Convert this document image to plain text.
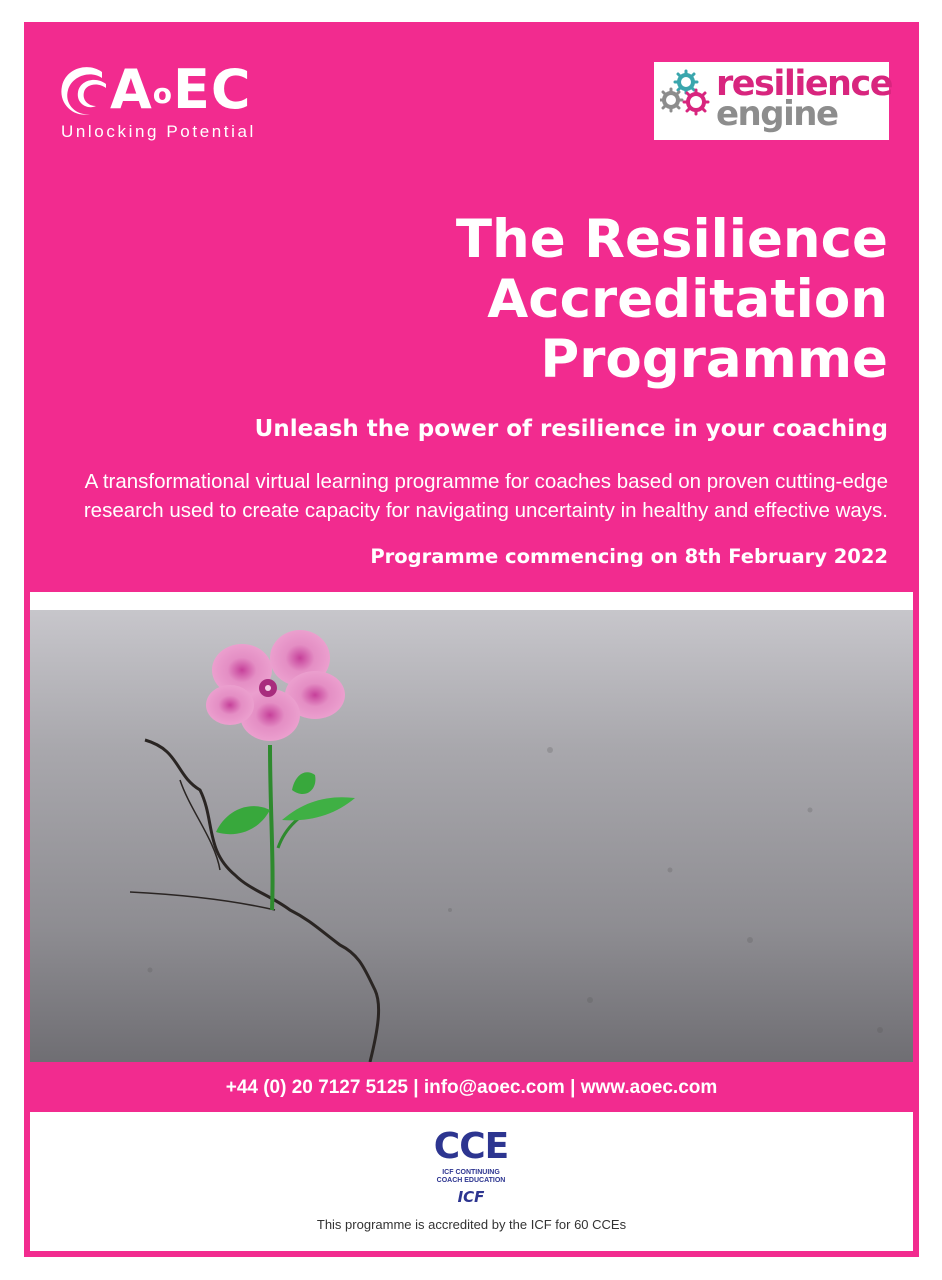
$A^oEC$
Unlocking Potential
resilience
engine
The Resilience
Accreditation
Programme
Unleash the power of resilience in your coaching

A transformational virtual learning programme for coaches based on proven cutting-edge
research used to create capacity for navigating uncertainty in healthy and effective ways.

Programme commencing on 8th February 2022

+44 (0) 20 7127 5125 | info@aoec.com | www.aoec.com
CCE
ICF CONTINUING
COACH EDUCATION
ICF
This programme is accredited by the ICF for 60 CCEs
